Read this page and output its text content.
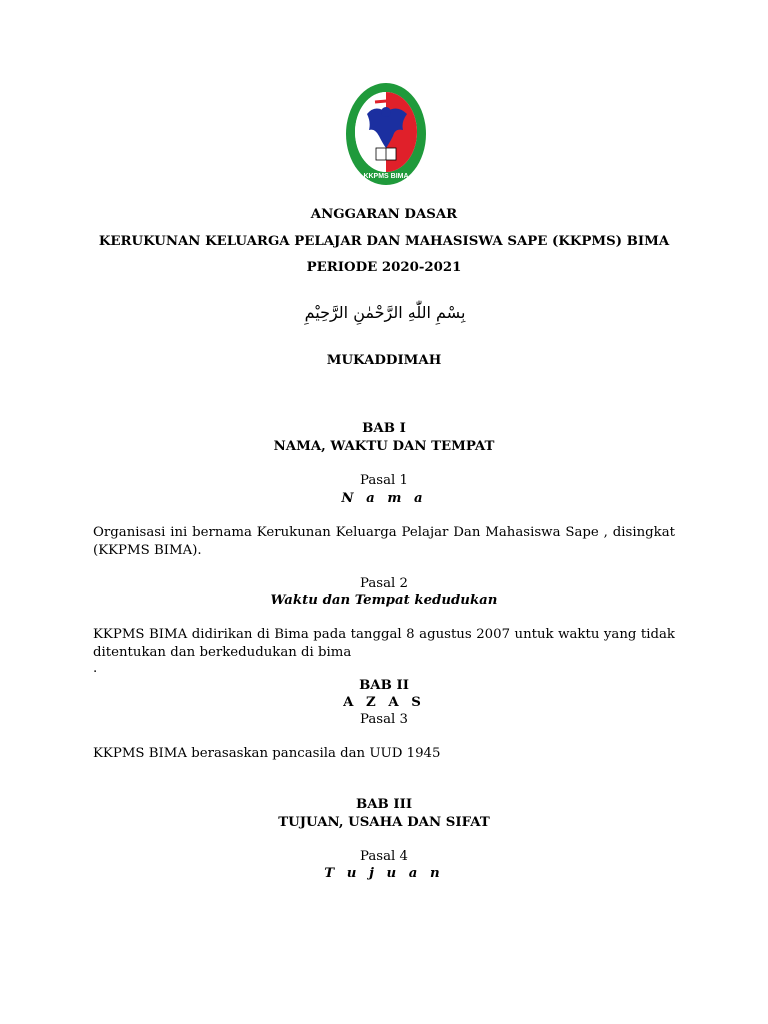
KKPMS BIMA
ANGGARAN DASAR
KERUKUNAN KELUARGA PELAJAR DAN MAHASISWA SAPE (KKPMS) BIMA
PERIODE 2020-2021
بِسْمِ اللّٰهِ الرَّحْمٰنِ الرَّحِيْمِ
MUKADDIMAH
BAB I
NAMA, WAKTU DAN TEMPAT
Pasal 1
N a m a
Organisasi ini bernama Kerukunan Keluarga Pelajar Dan Mahasiswa Sape , disingkat (KKPMS BIMA).
Pasal 2
Waktu dan Tempat kedudukan
KKPMS BIMA didirikan di Bima pada tanggal 8 agustus 2007 untuk waktu yang tidak ditentukan dan berkedudukan di bima
.
BAB II
A Z A S
Pasal 3
KKPMS BIMA berasaskan pancasila dan UUD 1945
BAB III
TUJUAN, USAHA DAN SIFAT
Pasal 4
T u j u a n
